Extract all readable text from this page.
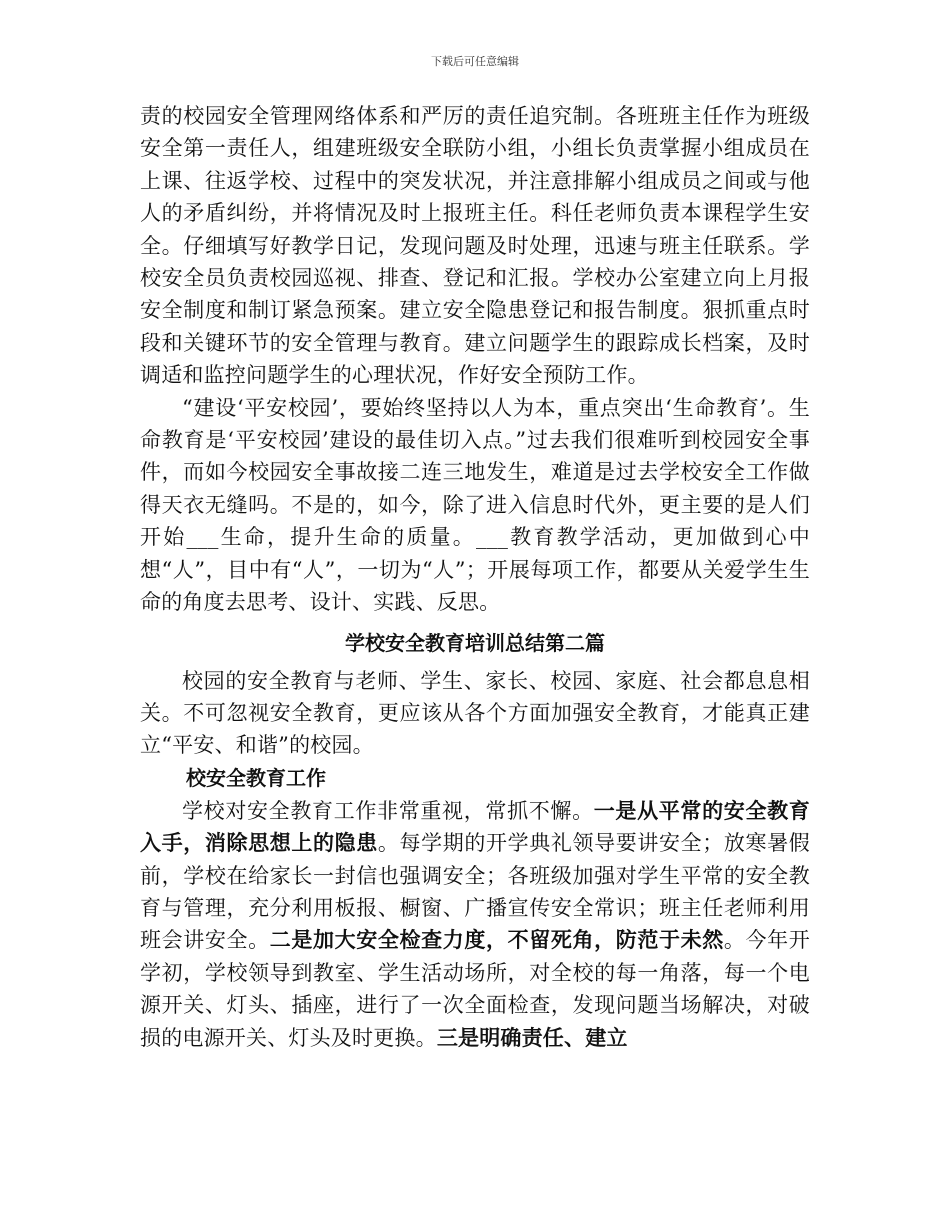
下载后可任意编辑

责的校园安全管理网络体系和严厉的责任追究制。各班班主任作为班级安全第一责任人，组建班级安全联防小组，小组长负责掌握小组成员在上课、往返学校、过程中的突发状况，并注意排解小组成员之间或与他人的矛盾纠纷，并将情况及时上报班主任。科任老师负责本课程学生安全。仔细填写好教学日记，发现问题及时处理，迅速与班主任联系。学校安全员负责校园巡视、排查、登记和汇报。学校办公室建立向上月报安全制度和制订紧急预案。建立安全隐患登记和报告制度。狠抓重点时段和关键环节的安全管理与教育。建立问题学生的跟踪成长档案，及时调适和监控问题学生的心理状况，作好安全预防工作。

“建设‘平安校园’，要始终坚持以人为本，重点突出‘生命教育’。生命教育是‘平安校园’建设的最佳切入点。”过去我们很难听到校园安全事件，而如今校园安全事故接二连三地发生，难道是过去学校安全工作做得天衣无缝吗。不是的，如今，除了进入信息时代外，更主要的是人们开始___生命，提升生命的质量。___教育教学活动，更加做到心中想“人”，目中有“人”，一切为“人”；开展每项工作，都要从关爱学生生命的角度去思考、设计、实践、反思。

学校安全教育培训总结第二篇

校园的安全教育与老师、学生、家长、校园、家庭、社会都息息相关。不可忽视安全教育，更应该从各个方面加强安全教育，才能真正建立“平安、和谐”的校园。

校安全教育工作

学校对安全教育工作非常重视，常抓不懈。一是从平常的安全教育入手，消除思想上的隐患。每学期的开学典礼领导要讲安全；放寒暑假前，学校在给家长一封信也强调安全；各班级加强对学生平常的安全教育与管理，充分利用板报、橱窗、广播宣传安全常识；班主任老师利用班会讲安全。二是加大安全检查力度，不留死角，防范于未然。今年开学初，学校领导到教室、学生活动场所，对全校的每一角落，每一个电源开关、灯头、插座，进行了一次全面检查，发现问题当场解决，对破损的电源开关、灯头及时更换。三是明确责任、建立
